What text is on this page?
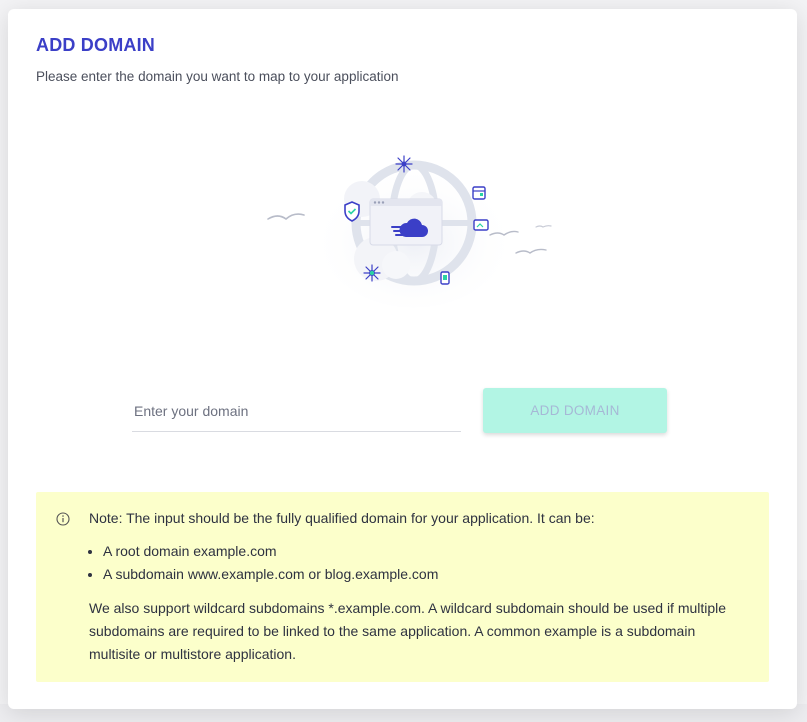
ADD DOMAIN
Please enter the domain you want to map to your application
Enter your domain
ADD DOMAIN
Note: The input should be the fully qualified domain for your application. It can be:
• A root domain example.com
• A subdomain www.example.com or blog.example.com
We also support wildcard subdomains *.example.com. A wildcard subdomain should be used if multiple subdomains are required to be linked to the same application. A common example is a subdomain multisite or multistore application.
